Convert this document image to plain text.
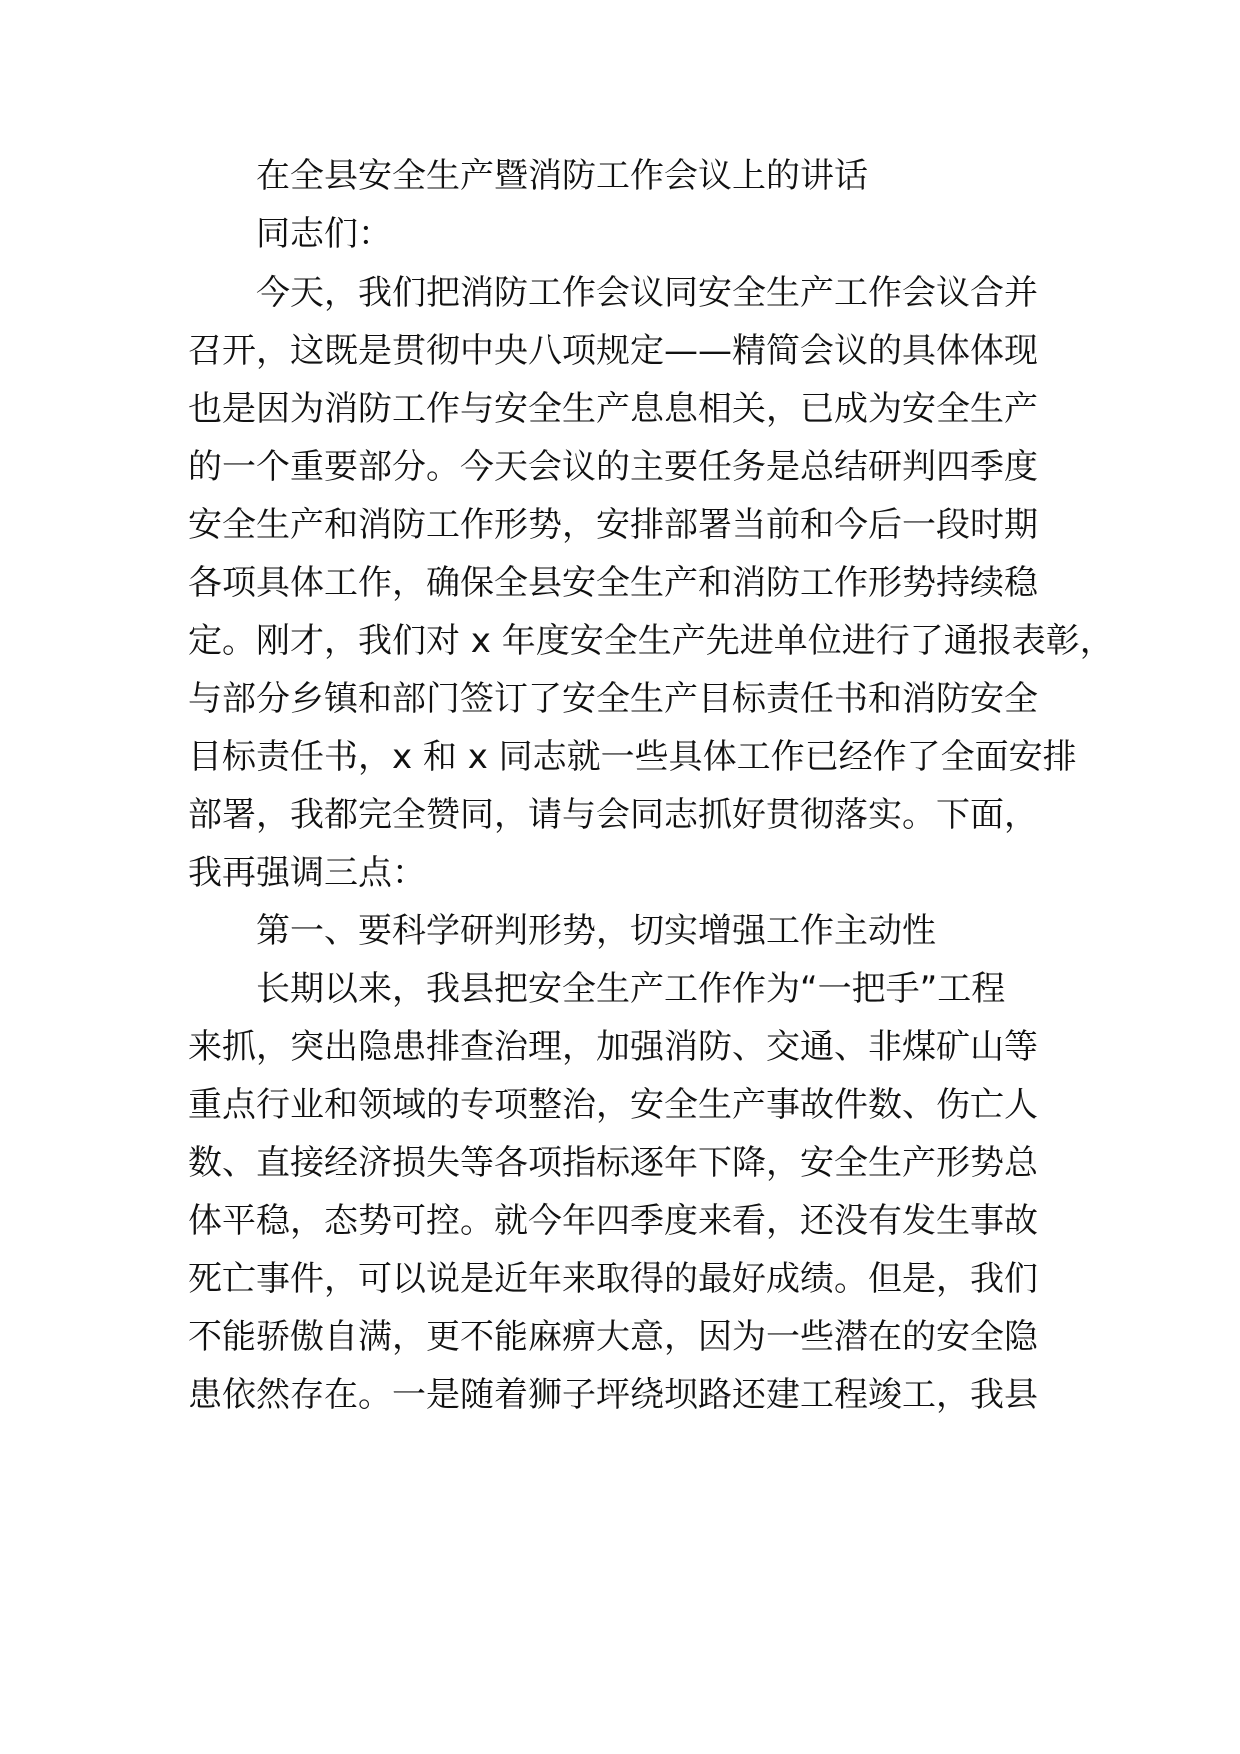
在全县安全生产暨消防工作会议上的讲话
同志们：
今天，我们把消防工作会议同安全生产工作会议合并
召开，这既是贯彻中央八项规定——精简会议的具体体现
也是因为消防工作与安全生产息息相关，已成为安全生产
的一个重要部分。今天会议的主要任务是总结研判四季度
安全生产和消防工作形势，安排部署当前和今后一段时期
各项具体工作，确保全县安全生产和消防工作形势持续稳
定。刚才，我们对 x 年度安全生产先进单位进行了通报表彰，
与部分乡镇和部门签订了安全生产目标责任书和消防安全
目标责任书，x 和 x 同志就一些具体工作已经作了全面安排
部署，我都完全赞同，请与会同志抓好贯彻落实。下面，
我再强调三点：
第一、要科学研判形势，切实增强工作主动性
长期以来，我县把安全生产工作作为“一把手”工程
来抓，突出隐患排查治理，加强消防、交通、非煤矿山等
重点行业和领域的专项整治，安全生产事故件数、伤亡人
数、直接经济损失等各项指标逐年下降，安全生产形势总
体平稳，态势可控。就今年四季度来看，还没有发生事故
死亡事件，可以说是近年来取得的最好成绩。但是，我们
不能骄傲自满，更不能麻痹大意，因为一些潜在的安全隐
患依然存在。一是随着狮子坪绕坝路还建工程竣工，我县
